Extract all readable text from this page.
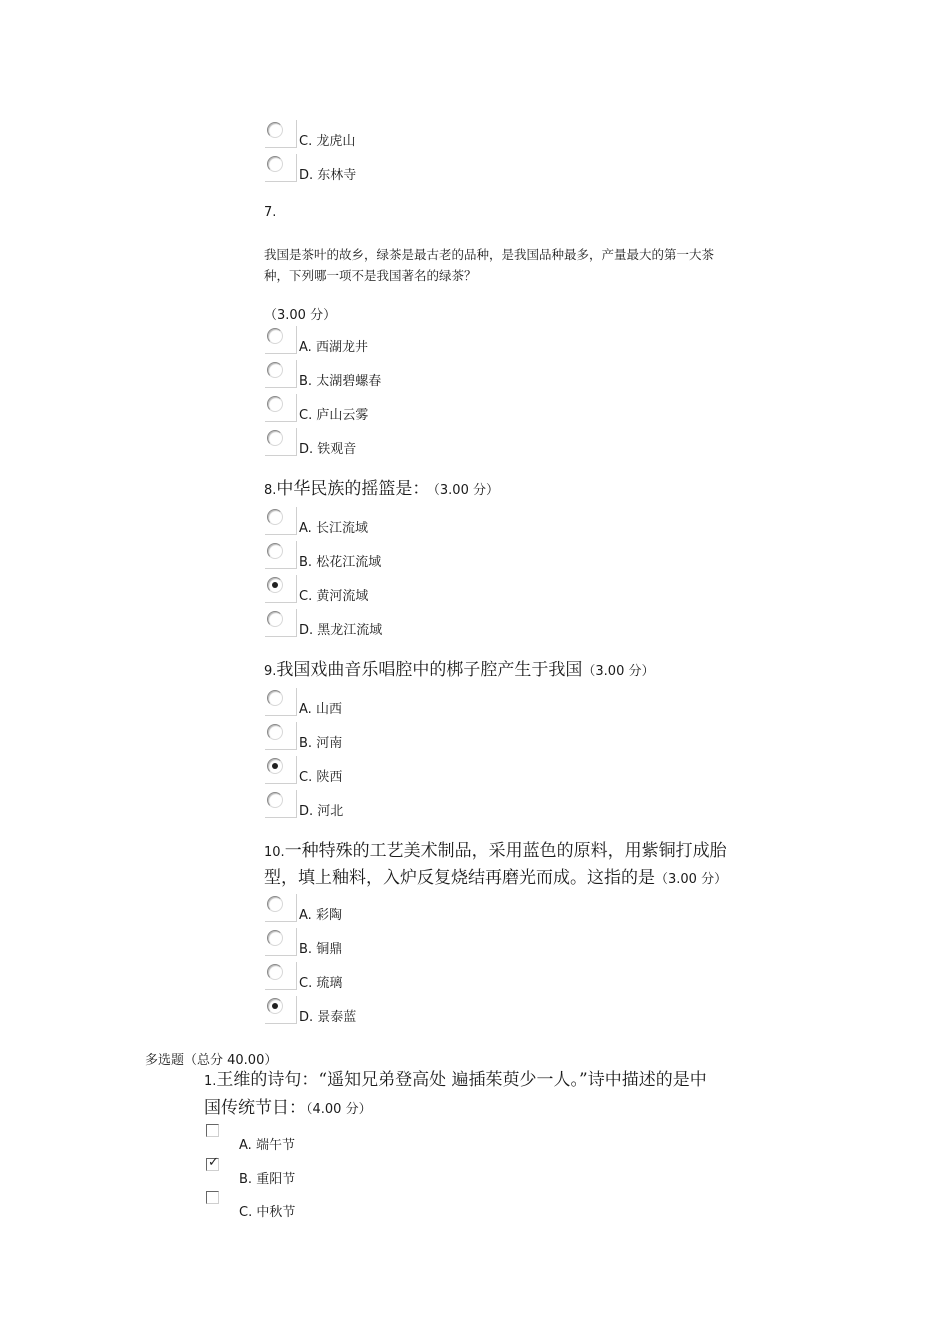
C. 龙虎山
D. 东林寺
7.
我国是茶叶的故乡，绿茶是最古老的品种，是我国品种最多，产量最大的第一大茶
种，下列哪一项不是我国著名的绿茶？
（3.00 分）
A. 西湖龙井
B. 太湖碧螺春
C. 庐山云雾
D. 铁观音
8.中华民族的摇篮是： （3.00 分）
A. 长江流域
B. 松花江流域
C. 黄河流域
D. 黑龙江流域
9.我国戏曲音乐唱腔中的梆子腔产生于我国（3.00 分）
A. 山西
B. 河南
C. 陕西
D. 河北
10.一种特殊的工艺美术制品，采用蓝色的原料，用紫铜打成胎
型，填上釉料，入炉反复烧结再磨光而成。这指的是（3.00 分）
A. 彩陶
B. 铜鼎
C. 琉璃
D. 景泰蓝
多选题（总分 40.00）
1.王维的诗句：“遥知兄弟登高处 遍插茱萸少一人。”诗中描述的是中
国传统节日：（4.00 分）
A. 端午节
✓
B. 重阳节
C. 中秋节
